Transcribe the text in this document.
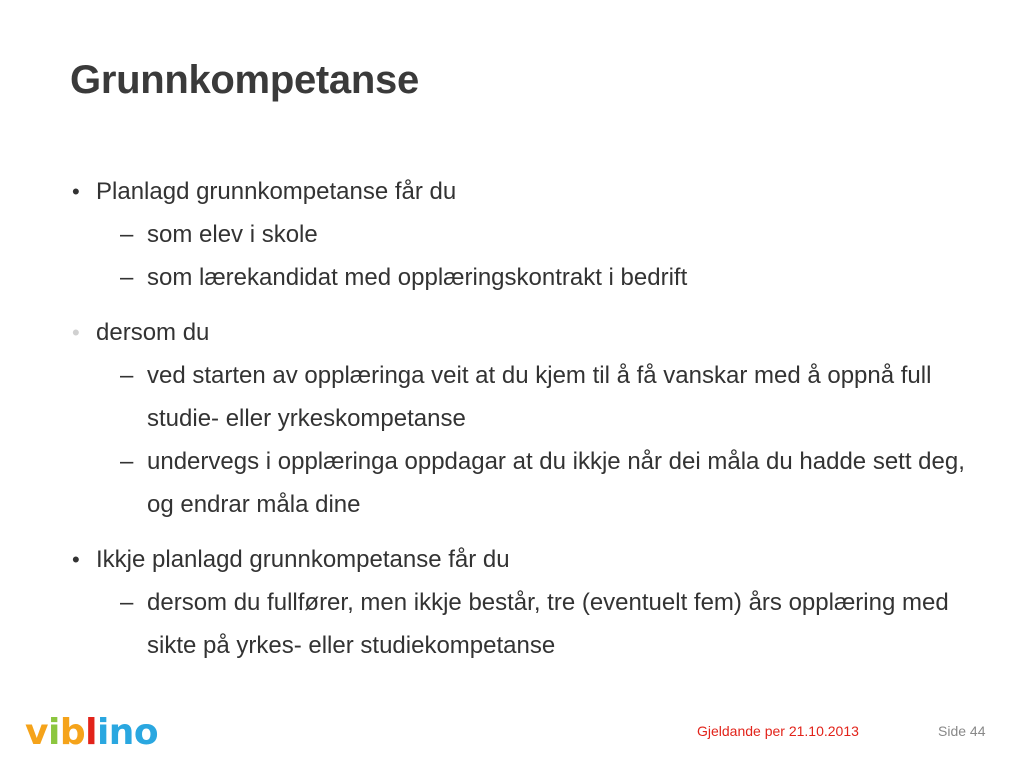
Grunnkompetanse
• Planlagd grunnkompetanse får du
– som elev i skole
– som lærekandidat med opplæringskontrakt i bedrift
• dersom du
– ved starten av opplæringa veit at du kjem til å få vanskar med å oppnå full studie- eller yrkeskompetanse
– undervegs i opplæringa oppdagar at du ikkje når dei måla du hadde sett deg, og endrar måla dine
• Ikkje planlagd grunnkompetanse får du
– dersom du fullfører, men ikkje består, tre (eventuelt fem) års opplæring med sikte på yrkes- eller studiekompetanse
viblino	Gjeldande per 21.10.2013	Side 44
